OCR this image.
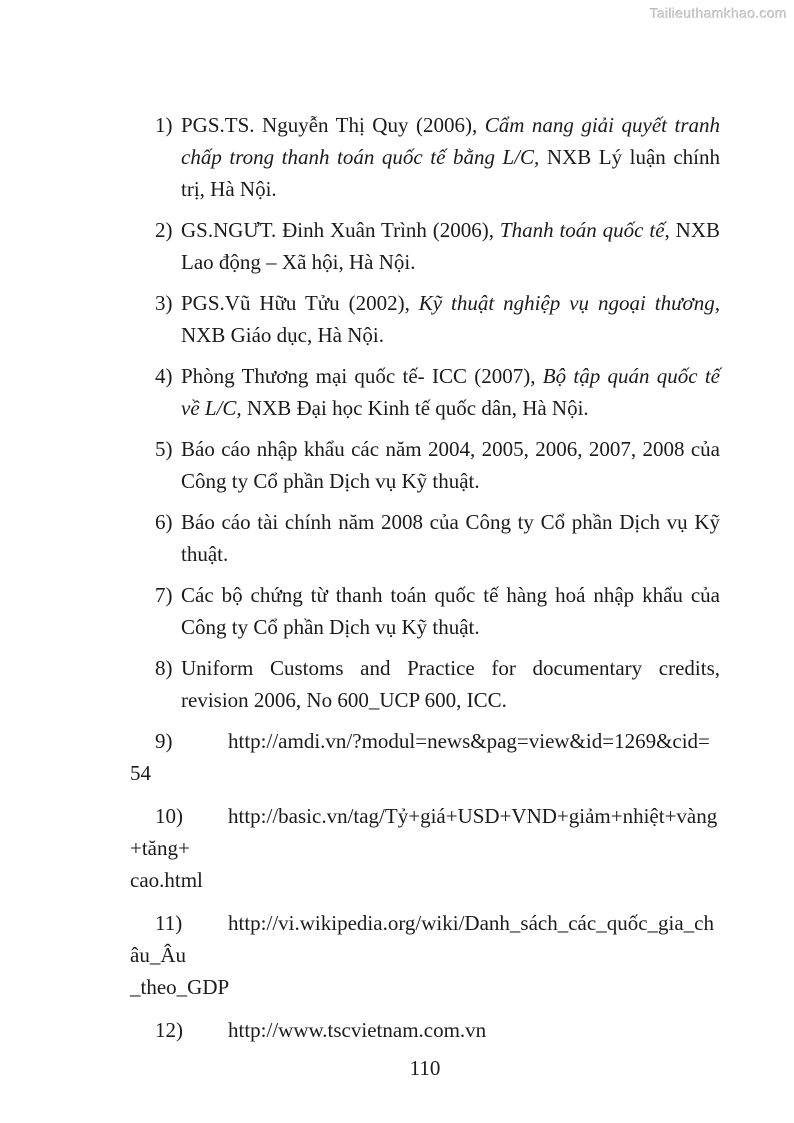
Tailieuthamkhao.com

1) PGS.TS. Nguyễn Thị Quy (2006), Cẩm nang giải quyết tranh chấp trong thanh toán quốc tế bằng L/C, NXB Lý luận chính trị, Hà Nội.

2) GS.NGƯT. Đinh Xuân Trình (2006), Thanh toán quốc tế, NXB Lao động – Xã hội, Hà Nội.

3) PGS.Vũ Hữu Tửu (2002), Kỹ thuật nghiệp vụ ngoại thương, NXB Giáo dục, Hà Nội.

4) Phòng Thương mại quốc tế- ICC (2007), Bộ tập quán quốc tế về L/C, NXB Đại học Kinh tế quốc dân, Hà Nội.

5) Báo cáo nhập khẩu các năm 2004, 2005, 2006, 2007, 2008 của Công ty Cổ phần Dịch vụ Kỹ thuật.

6) Báo cáo tài chính năm 2008 của Công ty Cổ phần Dịch vụ Kỹ thuật.

7) Các bộ chứng từ thanh toán quốc tế hàng hoá nhập khẩu của Công ty Cổ phần Dịch vụ Kỹ thuật.

8) Uniform Customs and Practice for documentary credits, revision 2006, No 600_UCP 600, ICC.

9)	http://amdi.vn/?modul=news&pag=view&id=1269&cid=54

10) http://basic.vn/tag/Tỷ+giá+USD+VND+giảm+nhiệt+vàng+tăng+
cao.html

11) http://vi.wikipedia.org/wiki/Danh_sách_các_quốc_gia_châu_Âu
_theo_GDP

12) http://www.tscvietnam.com.vn

110
